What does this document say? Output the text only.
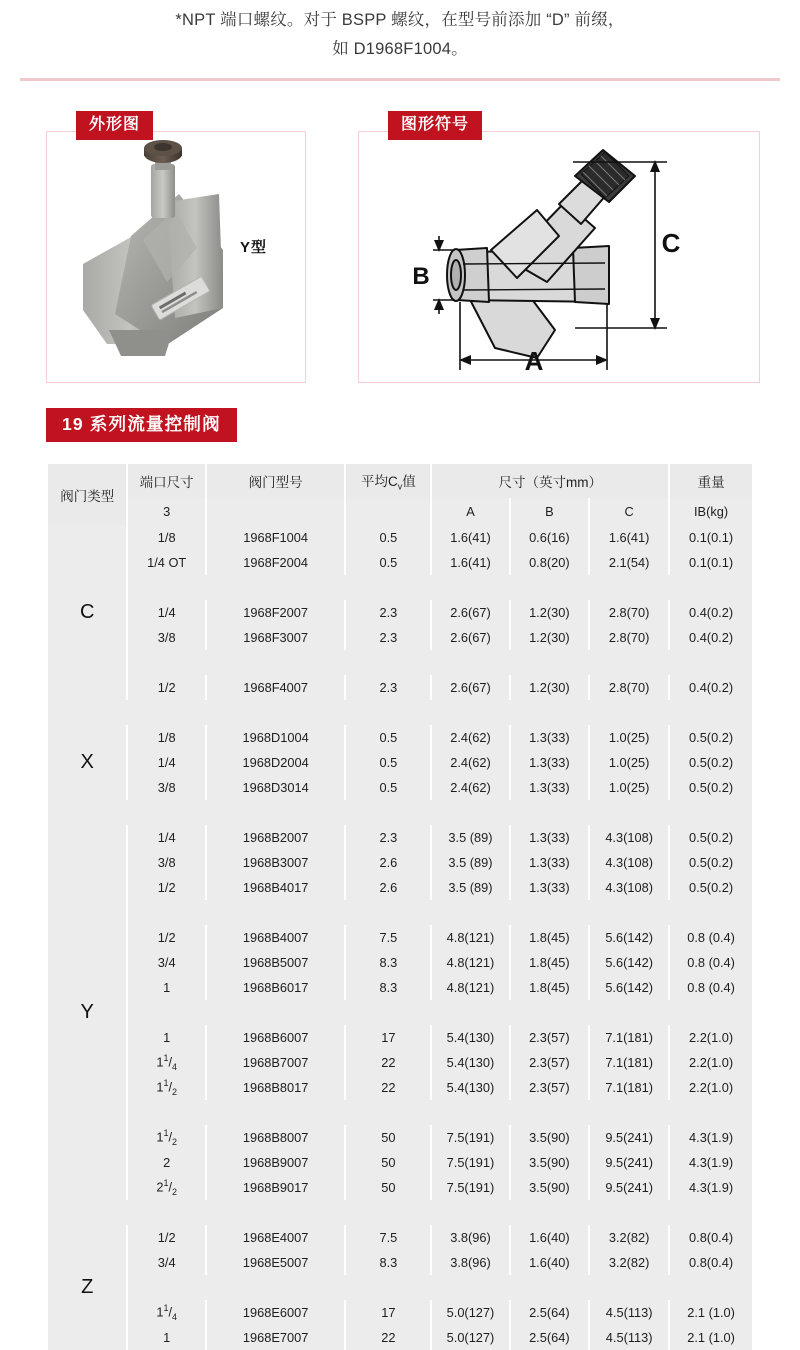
*NPT 端口螺纹。对于 BSPP 螺纹，在型号前添加 “D” 前缀，
如 D1968F1004。
外形图
Y型
图形符号
C
A
B
19 系列流量控制阀
阀门类型	端口尺寸	阀门型号	平均$C_v$值	尺寸（英寸mm）			重量
	3			A	B	C	IB(kg)
C	1/8	1968F1004	0.5	1.6(41)	0.6(16)	1.6(41)	0.1(0.1)
	1/4 OT	1968F2004	0.5	1.6(41)	0.8(20)	2.1(54)	0.1(0.1)

	1/4	1968F2007	2.3	2.6(67)	1.2(30)	2.8(70)	0.4(0.2)
	3/8	1968F3007	2.3	2.6(67)	1.2(30)	2.8(70)	0.4(0.2)

	1/2	1968F4007	2.3	2.6(67)	1.2(30)	2.8(70)	0.4(0.2)

X	1/8	1968D1004	0.5	2.4(62)	1.3(33)	1.0(25)	0.5(0.2)
	1/4	1968D2004	0.5	2.4(62)	1.3(33)	1.0(25)	0.5(0.2)
	3/8	1968D3014	0.5	2.4(62)	1.3(33)	1.0(25)	0.5(0.2)

Y	1/4	1968B2007	2.3	3.5 (89)	1.3(33)	4.3(108)	0.5(0.2)
	3/8	1968B3007	2.6	3.5 (89)	1.3(33)	4.3(108)	0.5(0.2)
	1/2	1968B4017	2.6	3.5 (89)	1.3(33)	4.3(108)	0.5(0.2)

	1/2	1968B4007	7.5	4.8(121)	1.8(45)	5.6(142)	0.8 (0.4)
	3/4	1968B5007	8.3	4.8(121)	1.8(45)	5.6(142)	0.8 (0.4)
	1	1968B6017	8.3	4.8(121)	1.8(45)	5.6(142)	0.8 (0.4)

	1	1968B6007	17	5.4(130)	2.3(57)	7.1(181)	2.2(1.0)
	$1^1/_4$	1968B7007	22	5.4(130)	2.3(57)	7.1(181)	2.2(1.0)
	$1^1/_2$	1968B8017	22	5.4(130)	2.3(57)	7.1(181)	2.2(1.0)

	$1^1/_2$	1968B8007	50	7.5(191)	3.5(90)	9.5(241)	4.3(1.9)
	2	1968B9007	50	7.5(191)	3.5(90)	9.5(241)	4.3(1.9)
	$2^1/_2$	1968B9017	50	7.5(191)	3.5(90)	9.5(241)	4.3(1.9)

Z	1/2	1968E4007	7.5	3.8(96)	1.6(40)	3.2(82)	0.8(0.4)
	3/4	1968E5007	8.3	3.8(96)	1.6(40)	3.2(82)	0.8(0.4)

	$1^1/_4$	1968E6007	17	5.0(127)	2.5(64)	4.5(113)	2.1 (1.0)
	1	1968E7007	22	5.0(127)	2.5(64)	4.5(113)	2.1 (1.0)
